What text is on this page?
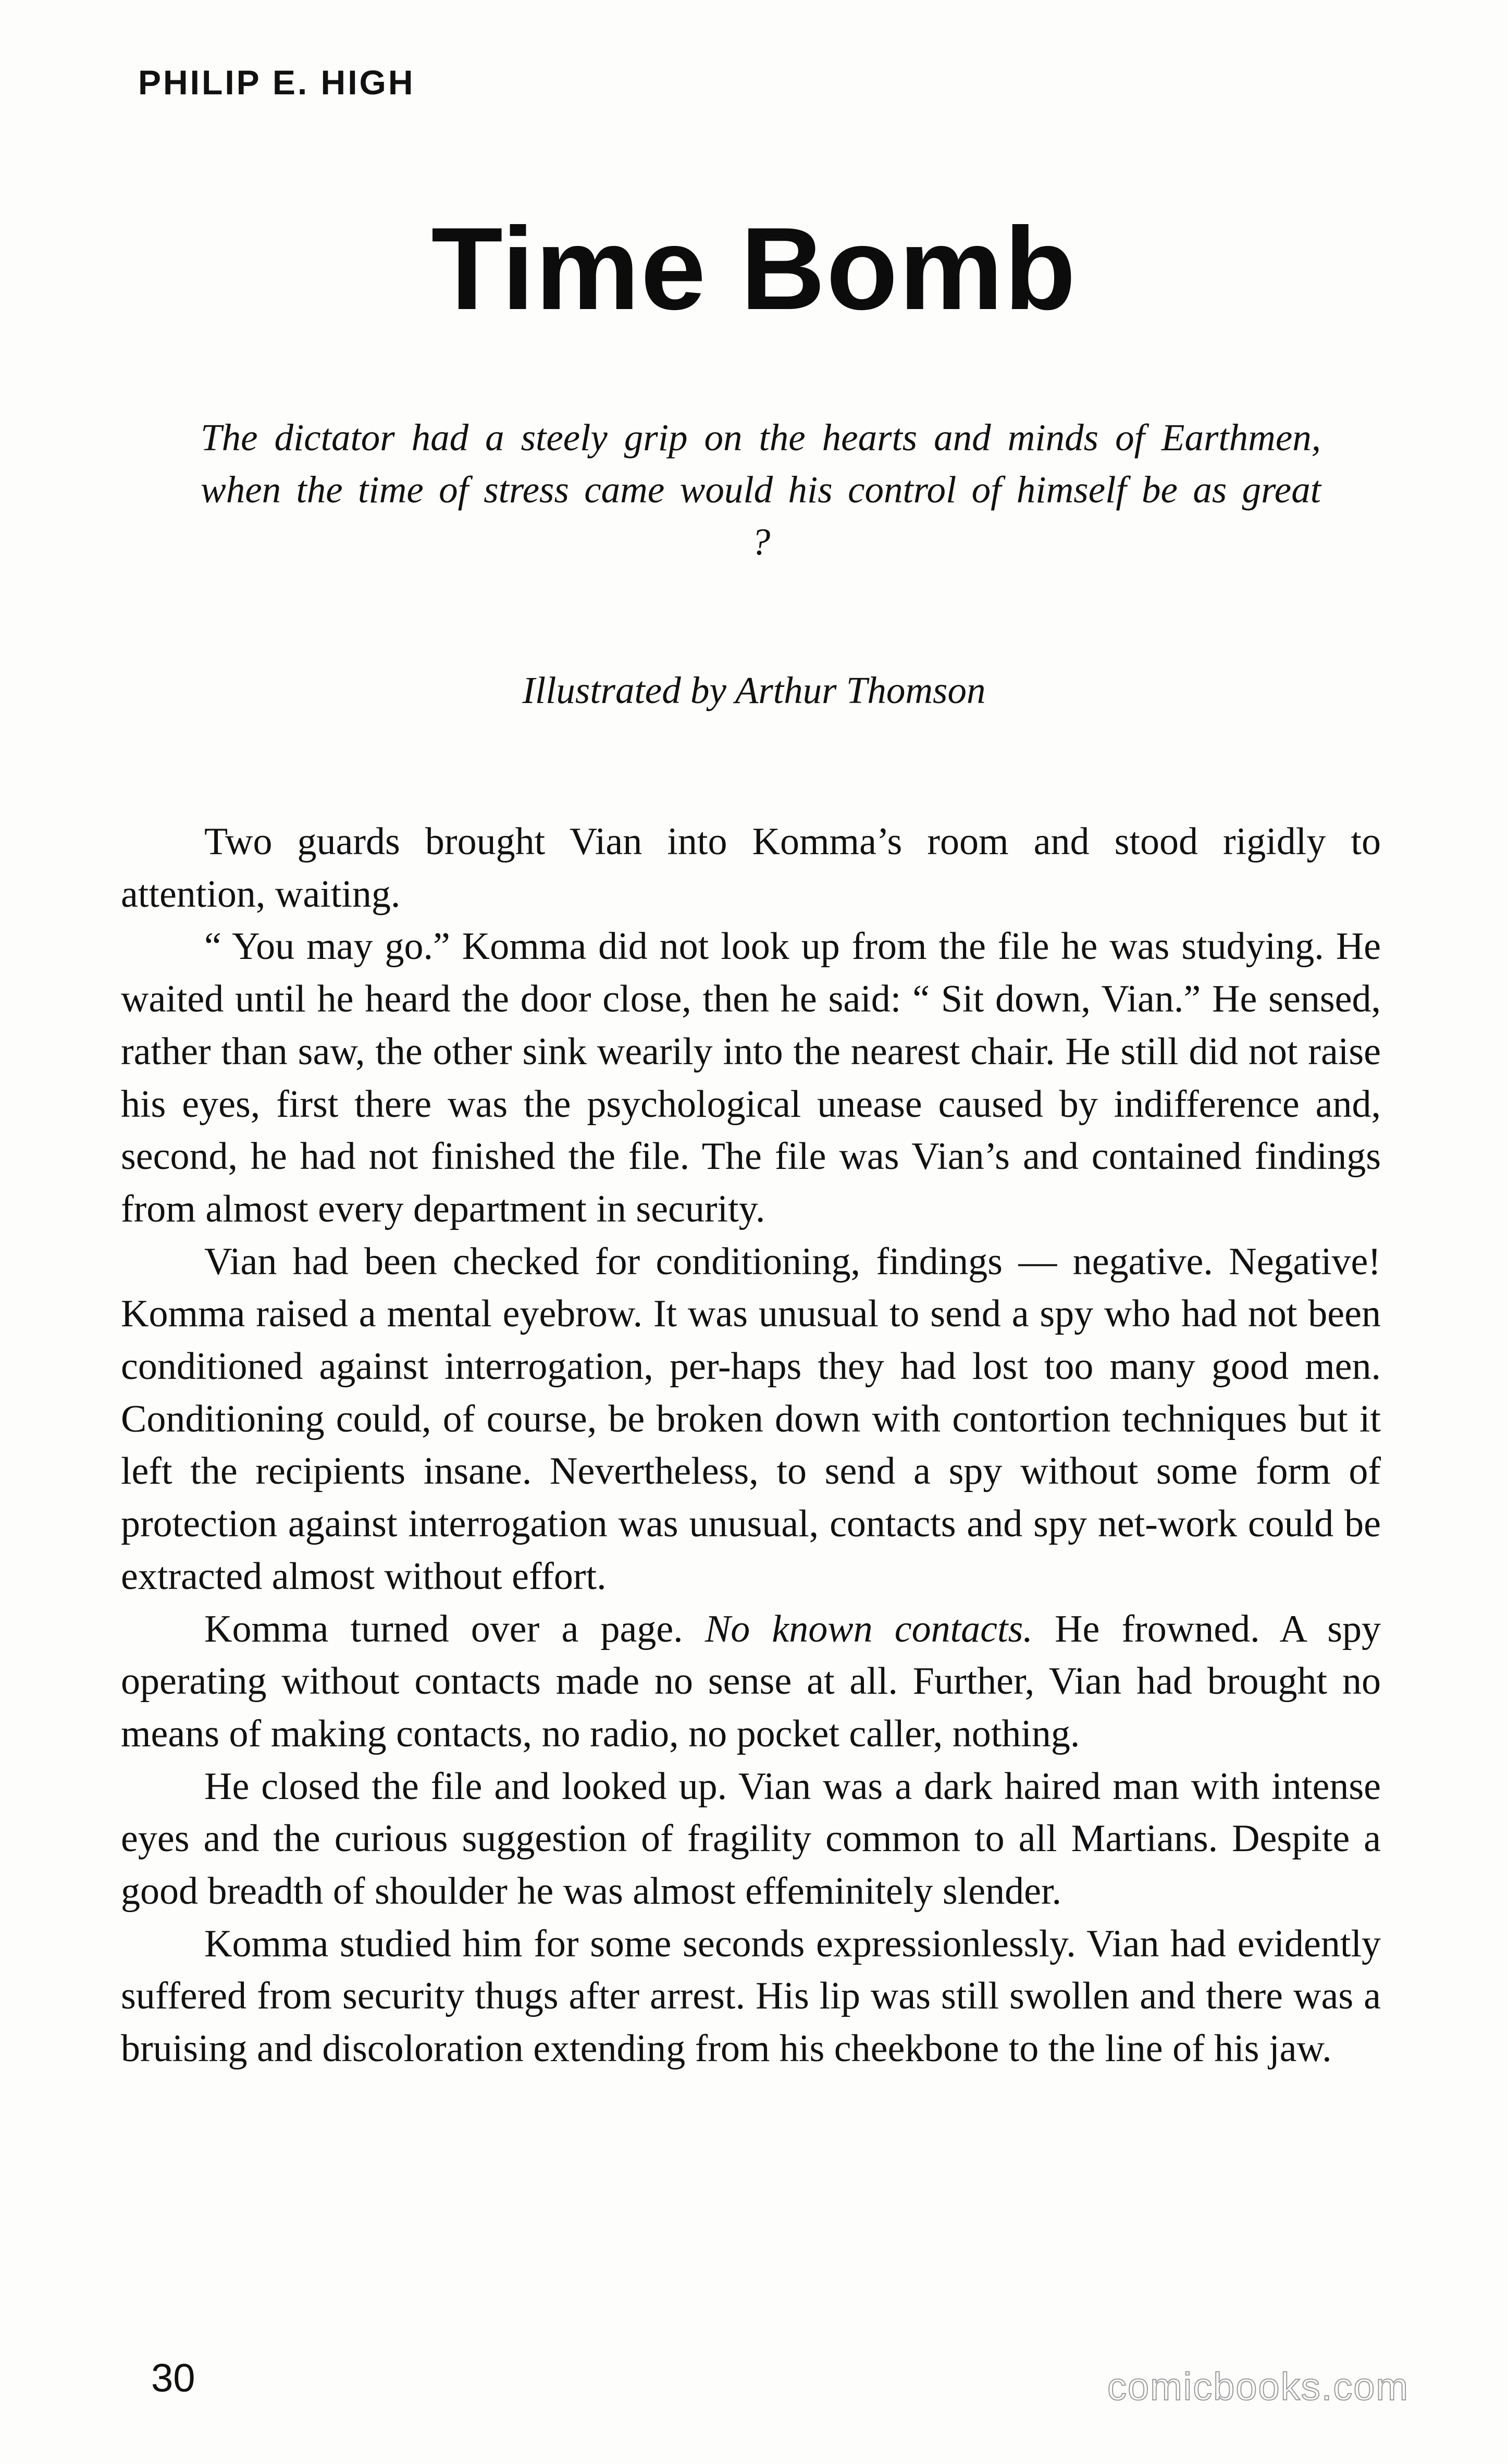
PHILIP E. HIGH
Time Bomb
The dictator had a steely grip on the hearts and minds of Earthmen, when the time of stress came would his control of himself be as great ?
Illustrated by Arthur Thomson

Two guards brought Vian into Komma’s room and stood rigidly to attention, waiting.

“ You may go.” Komma did not look up from the file he was studying. He waited until he heard the door close, then he said: “ Sit down, Vian.” He sensed, rather than saw, the other sink wearily into the nearest chair. He still did not raise his eyes, first there was the psychological unease caused by indifference and, second, he had not finished the file. The file was Vian’s and contained findings from almost every department in security.

Vian had been checked for conditioning, findings — negative. Negative! Komma raised a mental eyebrow. It was unusual to send a spy who had not been conditioned against interrogation, per-haps they had lost too many good men. Conditioning could, of course, be broken down with contortion techniques but it left the recipients insane. Nevertheless, to send a spy without some form of protection against interrogation was unusual, contacts and spy net-work could be extracted almost without effort.

Komma turned over a page. No known contacts. He frowned. A spy operating without contacts made no sense at all. Further, Vian had brought no means of making contacts, no radio, no pocket caller, nothing.

He closed the file and looked up. Vian was a dark haired man with intense eyes and the curious suggestion of fragility common to all Martians. Despite a good breadth of shoulder he was almost effeminitely slender.

Komma studied him for some seconds expressionlessly. Vian had evidently suffered from security thugs after arrest. His lip was still swollen and there was a bruising and discoloration extending from his cheekbone to the line of his jaw.

30	comicbooks.com
